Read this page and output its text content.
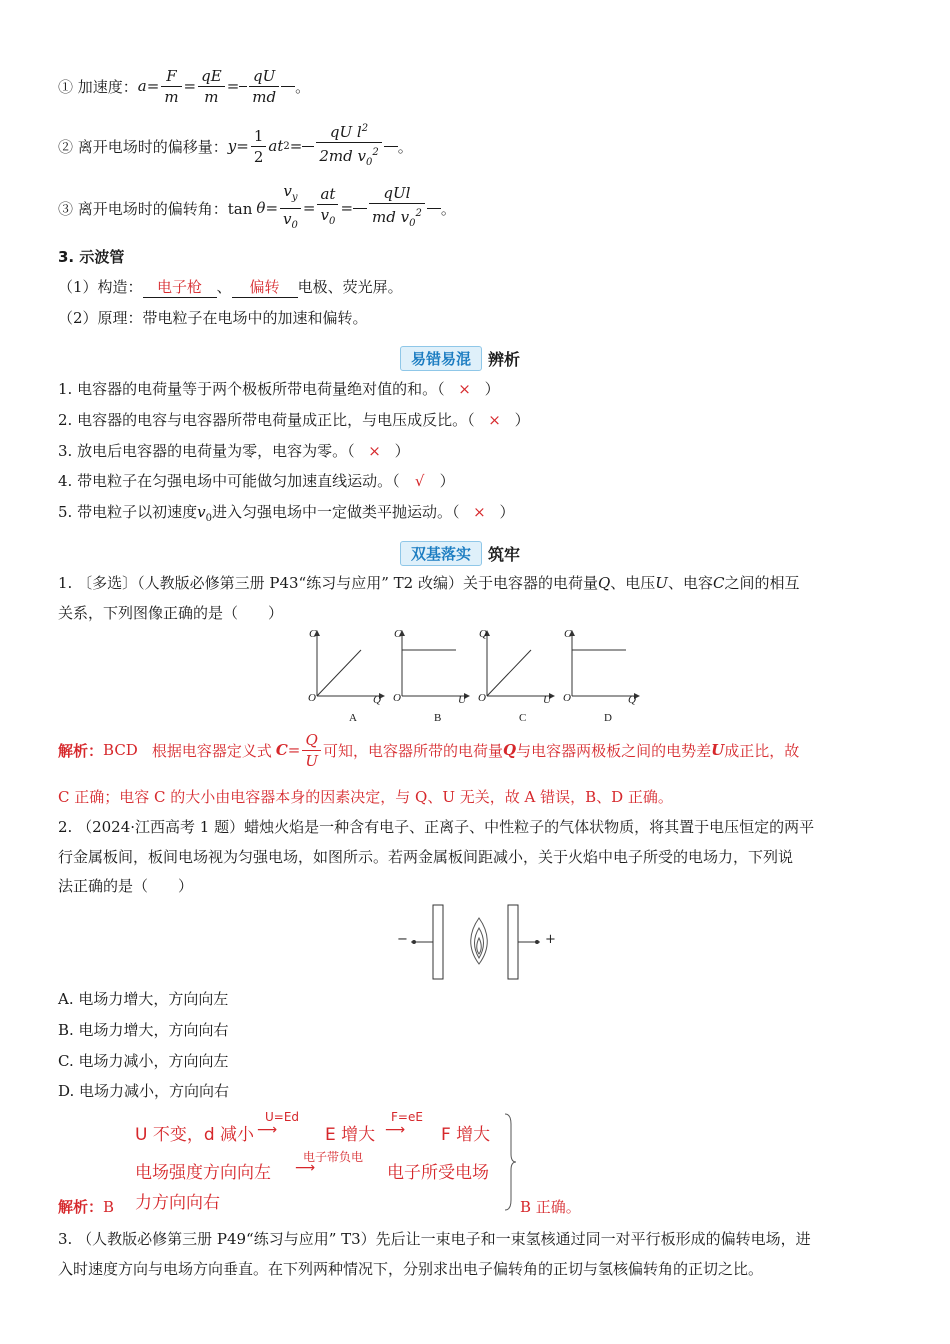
① 加速度： $a = \frac{F}{m} = \frac{qE}{m} = \frac{qU}{md}$ 。
② 离开电场时的偏移量： $y = \frac{1}{2}$ at $2 = \frac{qU l^2}{2md v_0^2}$ 。
③ 离开电场时的偏转角：$\tan \theta = \frac{v_y}{v_0} = \frac{at}{v_0} = \frac{\text{qUl}}{md v_0^2}$ 。
3. 示波管
（1）构造： 电子枪 、 偏转 电极、荧光屏。
（2）原理：带电粒子在电场中的加速和偏转。
易错易混	辨析
1. 电容器的电荷量等于两个极板所带电荷量绝对值的和。（ × ）
2. 电容器的电容与电容器所带电荷量成正比，与电压成反比。（ × ）
3. 放电后电容器的电荷量为零，电容为零。（ × ）
4. 带电粒子在匀强电场中可能做匀加速直线运动。（ √ ）
5. 带电粒子以初速度$v_0$进入匀强电场中一定做类平抛运动。（ × ）
双基落实	筑牢
1. 〔多选〕（人教版必修第三册 P43“练习与应用” T2 改编）关于电容器的电荷量Q、电压U、电容C之间的相互
关系，下列图像正确的是（　　）
C
Q
O
A
C
U
O
B
Q
U
O
C
C
Q
O
D
解析： BCD 根据电容器定义式 $C = \frac{Q}{U}$ 可知，电容器所带的电荷量 Q 与电容器两极板之间的电势差 U 成正比，故
C 正确；电容 C 的大小由电容器本身的因素决定，与 Q、U 无关，故 A 错误，B、D 正确。
2. （2024·江西高考 1 题）蜡烛火焰是一种含有电子、正离子、中性粒子的气体状物质，将其置于电压恒定的两平
行金属板间，板间电场视为匀强电场，如图所示。若两金属板间距减小，关于火焰中电子所受的电场力，下列说
法正确的是（　　）
−	+
A. 电场力增大，方向向左
B. 电场力增大，方向向右
C. 电场力减小，方向向左
D. 电场力减小，方向向右
U 不变，d 减小
U=Ed
⟶	E 增大
F=eE
⟶ F 增大
电场强度方向向左
电子带负电
⟶	电子所受电场
力方向向右
解析：B	B 正确。
3. （人教版必修第三册 P49“练习与应用” T3）先后让一束电子和一束氢核通过同一对平行板形成的偏转电场，进
入时速度方向与电场方向垂直。在下列两种情况下，分别求出电子偏转角的正切与氢核偏转角的正切之比。
